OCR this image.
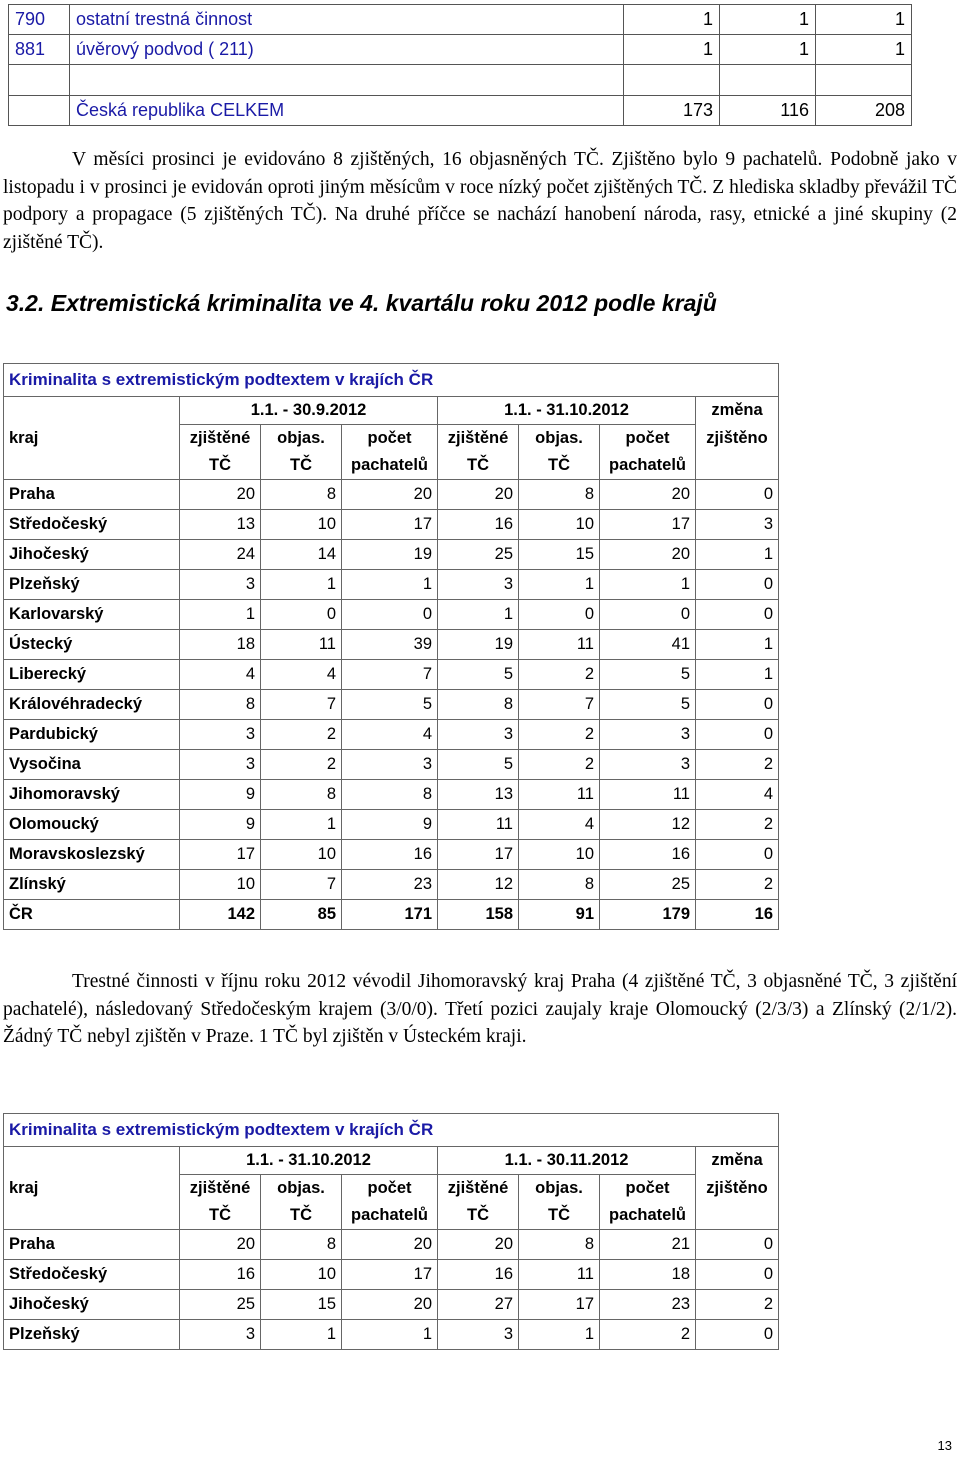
790	ostatní trestná činnost	1	1	1
881	úvěrový podvod ( 211)	1	1	1

	Česká republika CELKEM	173	116	208

V měsíci prosinci je evidováno 8 zjištěných, 16 objasněných TČ. Zjištěno bylo 9 pachatelů. Podobně jako v listopadu i v prosinci je evidován oproti jiným měsícům v roce nízký počet zjištěných TČ. Z hlediska skladby převážil TČ podpory a propagace (5 zjištěných TČ). Na druhé příčce se nachází hanobení národa, rasy, etnické a jiné skupiny (2 zjištěné TČ).

3.2. Extremistická kriminalita ve 4. kvartálu roku 2012 podle krajů
Kriminalita s extremistickým podtextem v krajích ČR							
	1.1. - 30.9.2012			1.1. - 31.10.2012			změna
kraj	zjištěné	objas.	počet	zjištěné	objas.	počet	zjištěno
	TČ	TČ	pachatelů	TČ	TČ	pachatelů	
Praha	20	8	20	20	8	20	0
Středočeský	13	10	17	16	10	17	3
Jihočeský	24	14	19	25	15	20	1
Plzeňský	3	1	1	3	1	1	0
Karlovarský	1	0	0	1	0	0	0
Ústecký	18	11	39	19	11	41	1
Liberecký	4	4	7	5	2	5	1
Královéhradecký	8	7	5	8	7	5	0
Pardubický	3	2	4	3	2	3	0
Vysočina	3	2	3	5	2	3	2
Jihomoravský	9	8	8	13	11	11	4
Olomoucký	9	1	9	11	4	12	2
Moravskoslezský	17	10	16	17	10	16	0
Zlínský	10	7	23	12	8	25	2
ČR	142	85	171	158	91	179	16

Trestné činnosti v říjnu roku 2012 vévodil Jihomoravský kraj Praha (4 zjištěné TČ, 3 objasněné TČ, 3 zjištění pachatelé), následovaný Středočeským krajem (3/0/0). Třetí pozici zaujaly kraje Olomoucký (2/3/3) a Zlínský (2/1/2). Žádný TČ nebyl zjištěn v Praze. 1 TČ byl zjištěn v Ústeckém kraji.

Kriminalita s extremistickým podtextem v krajích ČR							
	1.1. - 31.10.2012			1.1. - 30.11.2012			změna
kraj	zjištěné	objas.	počet	zjištěné	objas.	počet	zjištěno
	TČ	TČ	pachatelů	TČ	TČ	pachatelů	
Praha	20	8	20	20	8	21	0
Středočeský	16	10	17	16	11	18	0
Jihočeský	25	15	20	27	17	23	2
Plzeňský	3	1	1	3	1	2	0
13
